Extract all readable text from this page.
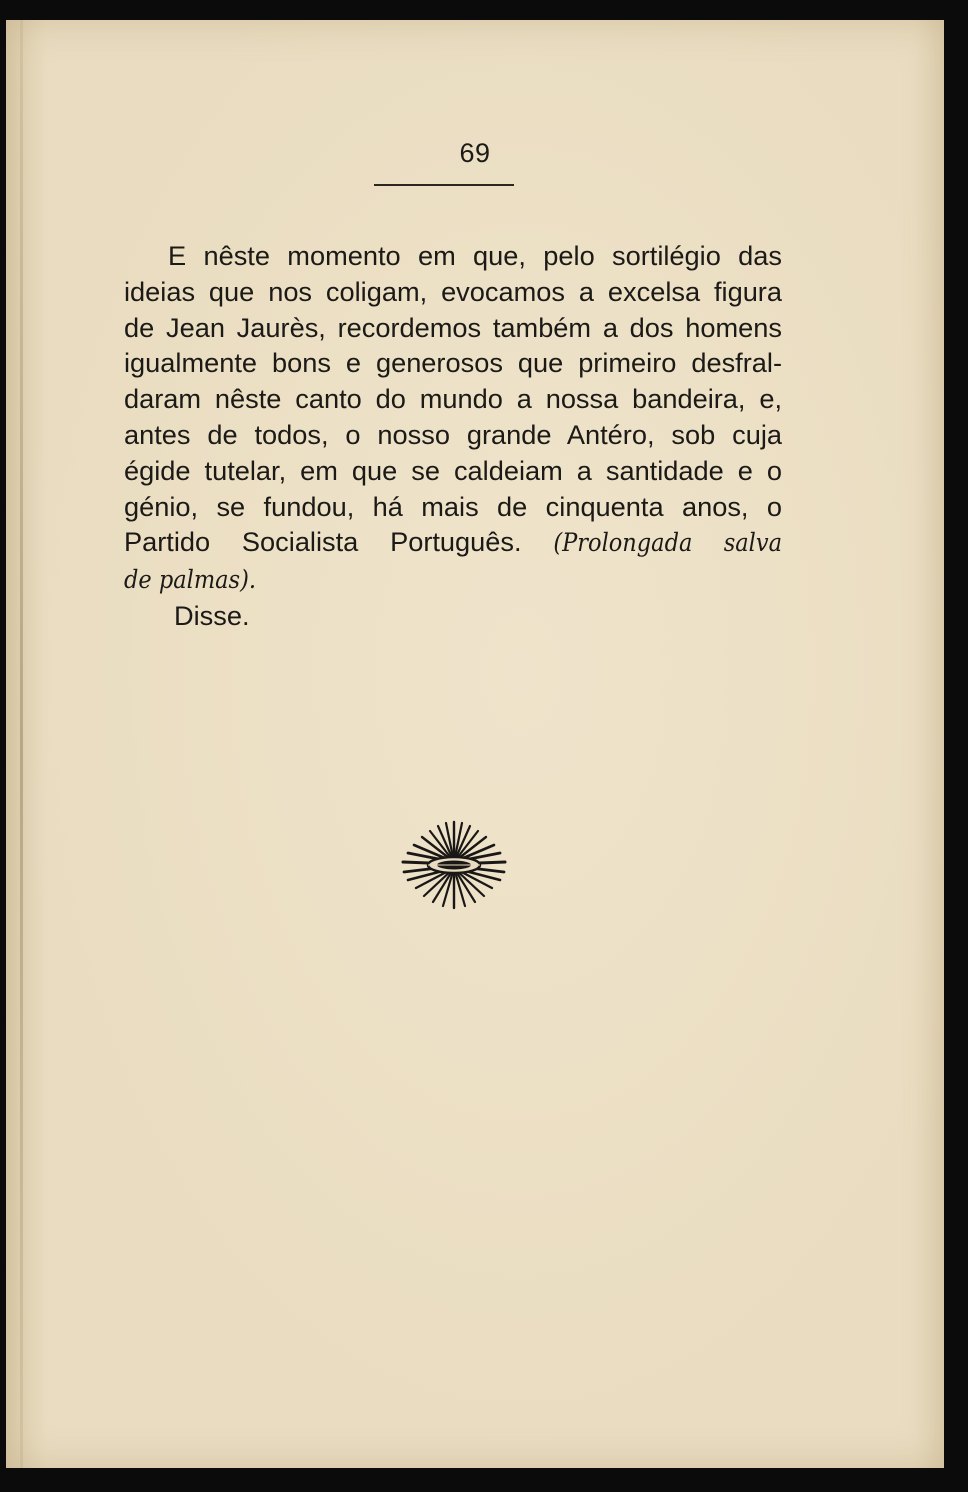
69
E nêste momento em que, pelo sortilégio das
ideias que nos coligam, evocamos a excelsa figura
de Jean Jaurès, recordemos também a dos homens
igualmente bons e generosos que primeiro desfral-
daram nêste canto do mundo a nossa bandeira, e,
antes de todos, o nosso grande Antéro, sob cuja
égide tutelar, em que se caldeiam a santidade e o
génio, se fundou, há mais de cinquenta anos, o
Partido Socialista Português. (Prolongada salva
de palmas).
Disse.
